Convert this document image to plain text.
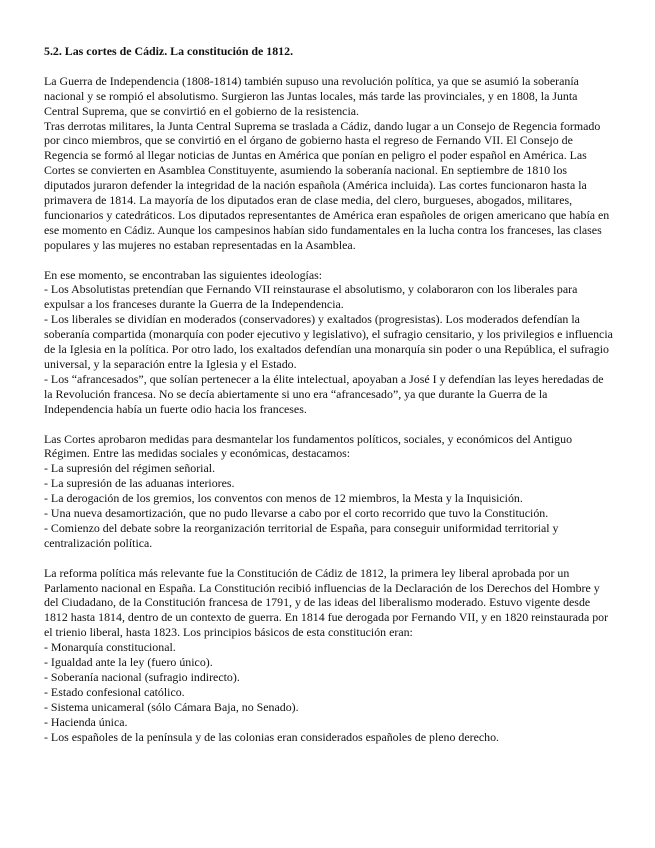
5.2. Las cortes de Cádiz. La constitución de 1812.

La Guerra de Independencia (1808-1814) también supuso una revolución política, ya que se asumió la soberanía nacional y se rompió el absolutismo. Surgieron las Juntas locales, más tarde las provinciales, y en 1808, la Junta Central Suprema, que se convirtió en el gobierno de la resistencia.

Tras derrotas militares, la Junta Central Suprema se traslada a Cádiz, dando lugar a un Consejo de Regencia formado por cinco miembros, que se convirtió en el órgano de gobierno hasta el regreso de Fernando VII. El Consejo de Regencia se formó al llegar noticias de Juntas en América que ponían en peligro el poder español en América. Las Cortes se convierten en Asamblea Constituyente, asumiendo la soberanía nacional. En septiembre de 1810 los diputados juraron defender la integridad de la nación española (América incluida). Las cortes funcionaron hasta la primavera de 1814. La mayoría de los diputados eran de clase media, del clero, burgueses, abogados, militares, funcionarios y catedráticos. Los diputados representantes de América eran españoles de origen americano que había en ese momento en Cádiz. Aunque los campesinos habían sido fundamentales en la lucha contra los franceses, las clases populares y las mujeres no estaban representadas en la Asamblea.

En ese momento, se encontraban las siguientes ideologías:

- Los Absolutistas pretendían que Fernando VII reinstaurase el absolutismo, y colaboraron con los liberales para expulsar a los franceses durante la Guerra de la Independencia.

- Los liberales se dividían en moderados (conservadores) y exaltados (progresistas). Los moderados defendían la soberanía compartida (monarquía con poder ejecutivo y legislativo), el sufragio censitario, y los privilegios e influencia de la Iglesia en la política. Por otro lado, los exaltados defendían una monarquía sin poder o una República, el sufragio universal, y la separación entre la Iglesia y el Estado.

- Los “afrancesados”, que solían pertenecer a la élite intelectual, apoyaban a José I y defendían las leyes heredadas de la Revolución francesa. No se decía abiertamente si uno era “afrancesado”, ya que durante la Guerra de la Independencia había un fuerte odio hacia los franceses.

Las Cortes aprobaron medidas para desmantelar los fundamentos políticos, sociales, y económicos del Antiguo Régimen. Entre las medidas sociales y económicas, destacamos:

- La supresión del régimen señorial.

- La supresión de las aduanas interiores.

- La derogación de los gremios, los conventos con menos de 12 miembros, la Mesta y la Inquisición.

- Una nueva desamortización, que no pudo llevarse a cabo por el corto recorrido que tuvo la Constitución.

- Comienzo del debate sobre la reorganización territorial de España, para conseguir uniformidad territorial y centralización política.

La reforma política más relevante fue la Constitución de Cádiz de 1812, la primera ley liberal aprobada por un Parlamento nacional en España. La Constitución recibió influencias de la Declaración de los Derechos del Hombre y del Ciudadano, de la Constitución francesa de 1791, y de las ideas del liberalismo moderado. Estuvo vigente desde 1812 hasta 1814, dentro de un contexto de guerra. En 1814 fue derogada por Fernando VII, y en 1820 reinstaurada por el trienio liberal, hasta 1823. Los principios básicos de esta constitución eran:

- Monarquía constitucional.

- Igualdad ante la ley (fuero único).

- Soberanía nacional (sufragio indirecto).

- Estado confesional católico.

- Sistema unicameral (sólo Cámara Baja, no Senado).

- Hacienda única.

- Los españoles de la península y de las colonias eran considerados españoles de pleno derecho.
